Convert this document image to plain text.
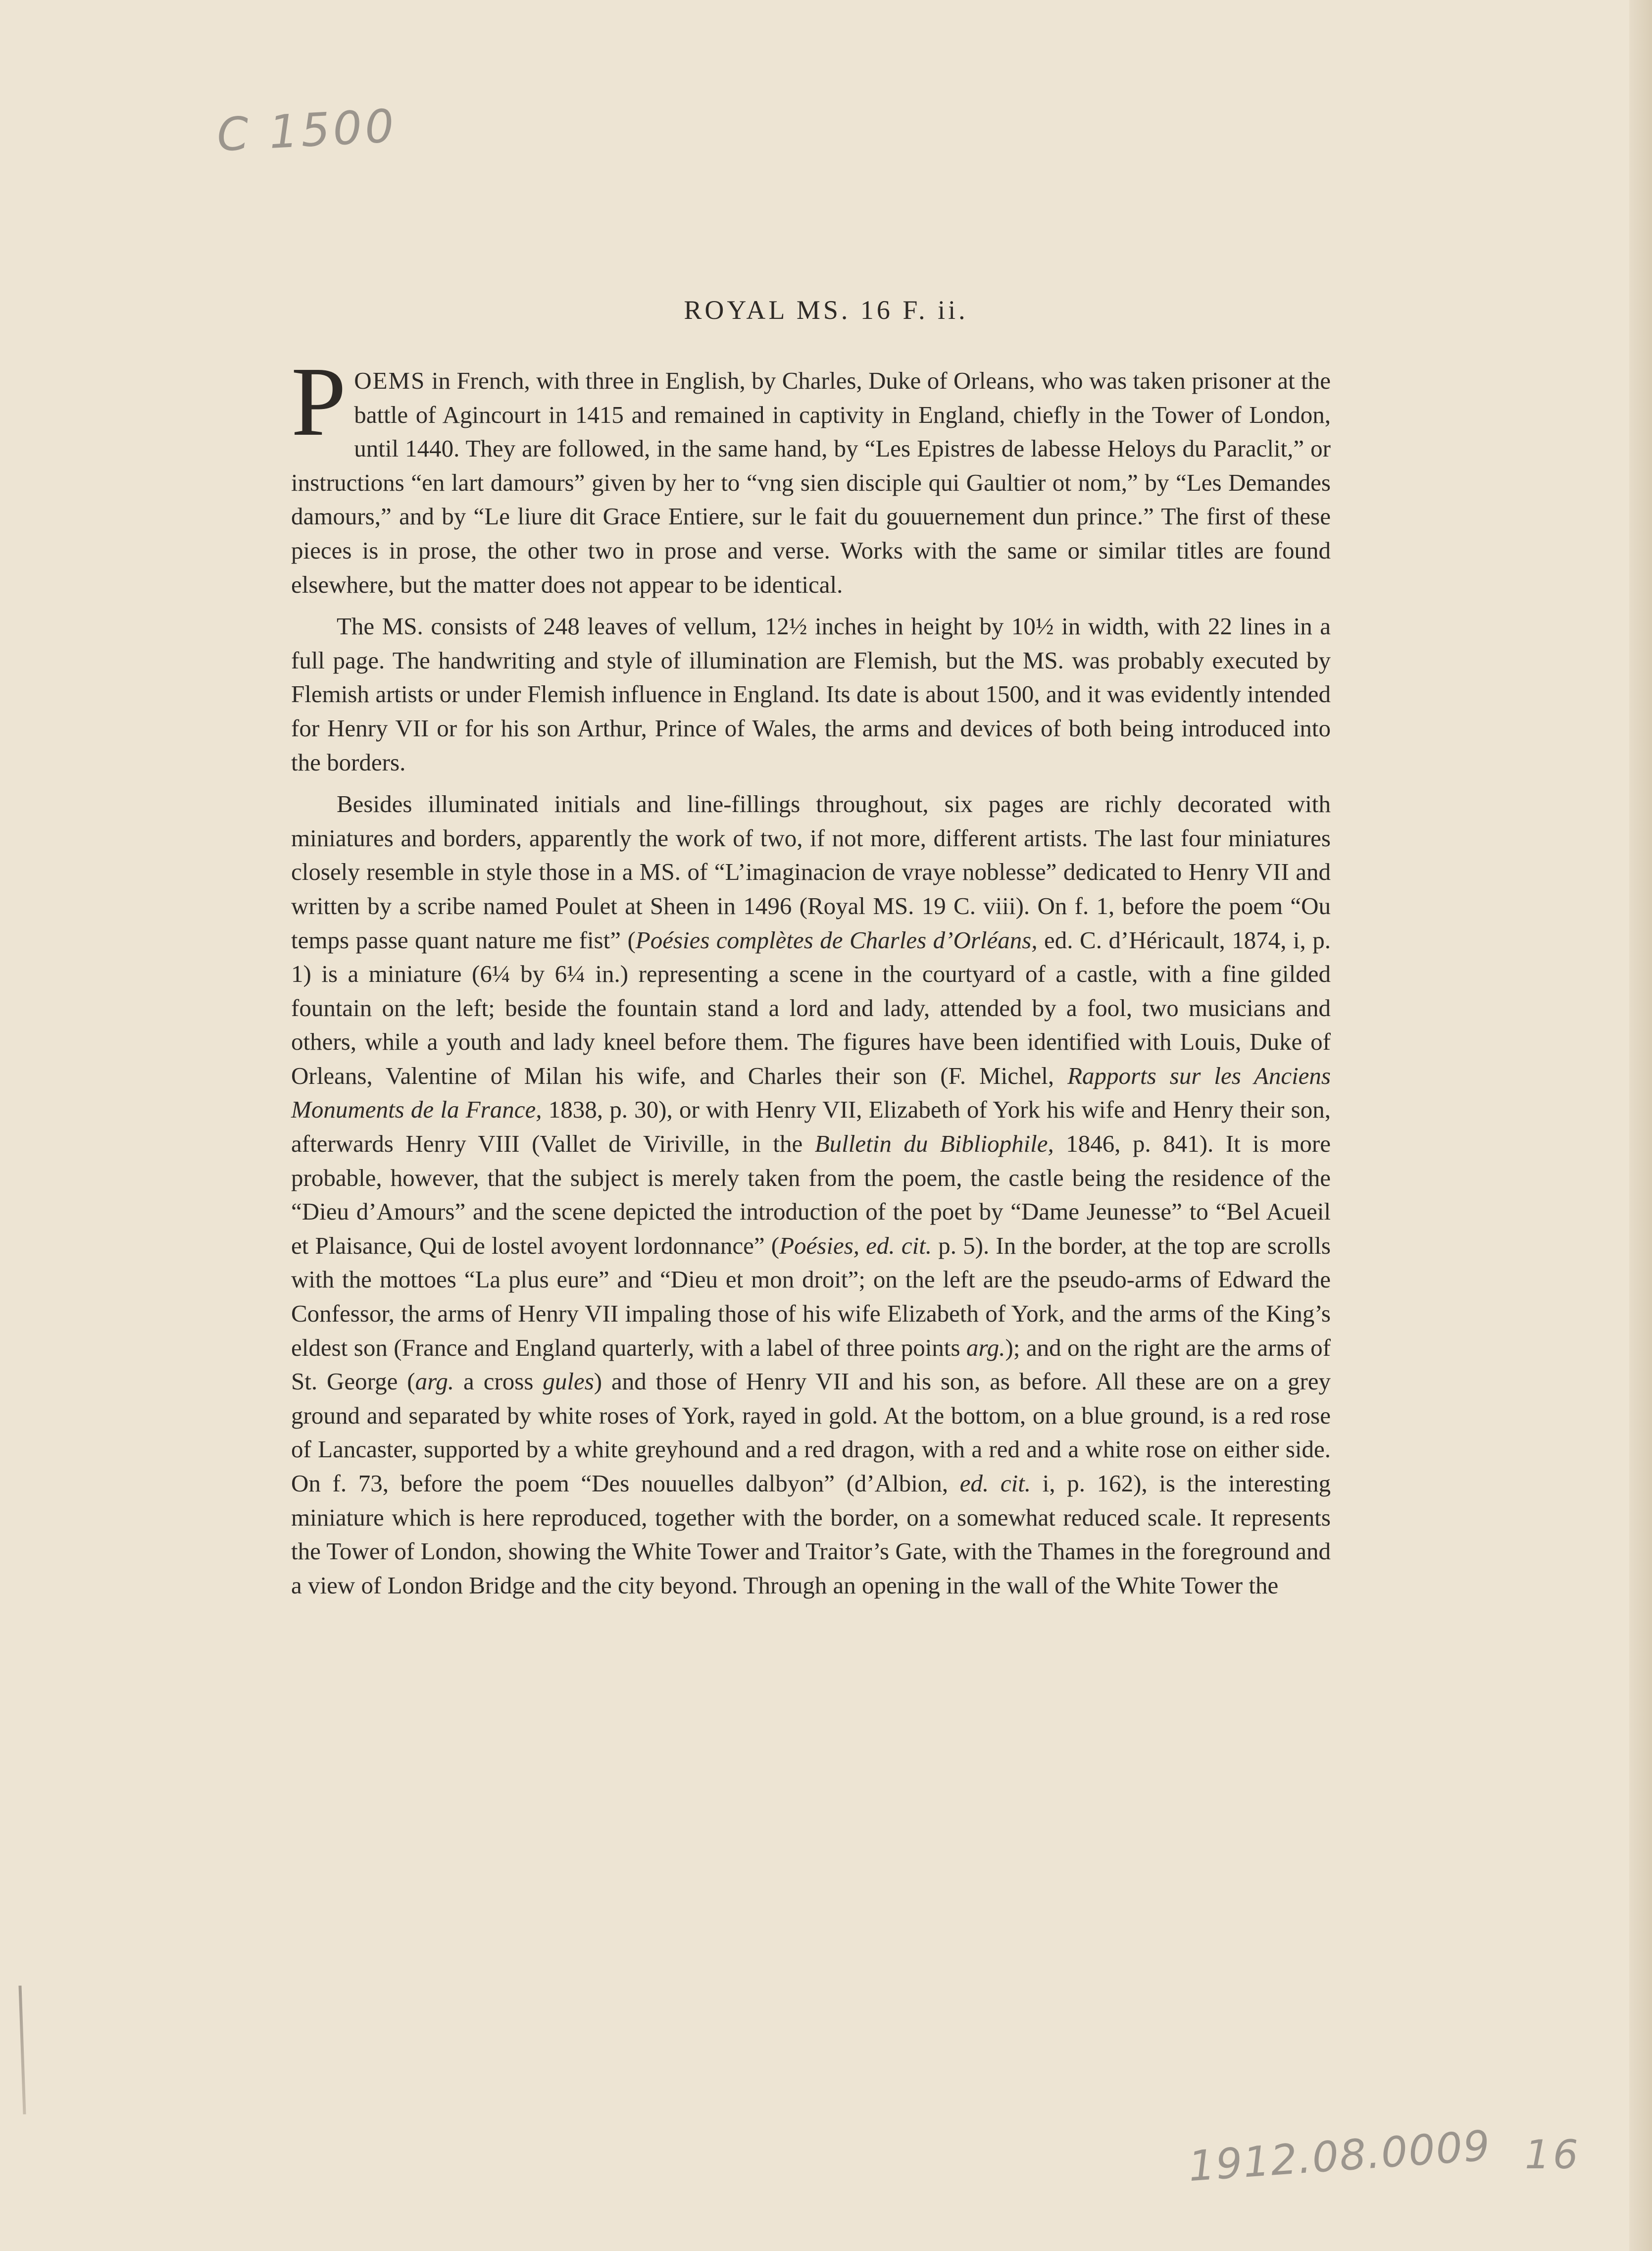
C 1500
ROYAL MS. 16 F. ii.

POEMS in French, with three in English, by Charles, Duke of Orleans, who was taken prisoner at the battle of Agincourt in 1415 and remained in captivity in England, chiefly in the Tower of London, until 1440. They are followed, in the same hand, by “Les Epistres de labesse Heloys du Paraclit,” or instructions “en lart damours” given by her to “vng sien disciple qui Gaultier ot nom,” by “Les Demandes damours,” and by “Le liure dit Grace Entiere, sur le fait du gouuernement dun prince.” The first of these pieces is in prose, the other two in prose and verse. Works with the same or similar titles are found elsewhere, but the matter does not appear to be identical.

The MS. consists of 248 leaves of vellum, 12½ inches in height by 10½ in width, with 22 lines in a full page. The handwriting and style of illumination are Flemish, but the MS. was probably executed by Flemish artists or under Flemish influence in England. Its date is about 1500, and it was evidently intended for Henry VII or for his son Arthur, Prince of Wales, the arms and devices of both being introduced into the borders.

Besides illuminated initials and line-fillings throughout, six pages are richly decorated with miniatures and borders, apparently the work of two, if not more, different artists. The last four miniatures closely resemble in style those in a MS. of “L’imaginacion de vraye noblesse” dedicated to Henry VII and written by a scribe named Poulet at Sheen in 1496 (Royal MS. 19 C. viii). On f. 1, before the poem “Ou temps passe quant nature me fist” (Poésies complètes de Charles d’Orléans, ed. C. d’Héricault, 1874, i, p. 1) is a miniature (6¼ by 6¼ in.) representing a scene in the courtyard of a castle, with a fine gilded fountain on the left; beside the fountain stand a lord and lady, attended by a fool, two musicians and others, while a youth and lady kneel before them. The figures have been identified with Louis, Duke of Orleans, Valentine of Milan his wife, and Charles their son (F. Michel, Rapports sur les Anciens Monuments de la France, 1838, p. 30), or with Henry VII, Elizabeth of York his wife and Henry their son, afterwards Henry VIII (Vallet de Viriville, in the Bulletin du Bibliophile, 1846, p. 841). It is more probable, however, that the subject is merely taken from the poem, the castle being the residence of the “Dieu d’Amours” and the scene depicted the introduction of the poet by “Dame Jeunesse” to “Bel Acueil et Plaisance, Qui de lostel avoyent lordonnance” (Poésies, ed. cit. p. 5). In the border, at the top are scrolls with the mottoes “La plus eure” and “Dieu et mon droit”; on the left are the pseudo-arms of Edward the Confessor, the arms of Henry VII impaling those of his wife Elizabeth of York, and the arms of the King’s eldest son (France and England quarterly, with a label of three points arg.); and on the right are the arms of St. George (arg. a cross gules) and those of Henry VII and his son, as before. All these are on a grey ground and separated by white roses of York, rayed in gold. At the bottom, on a blue ground, is a red rose of Lancaster, supported by a white greyhound and a red dragon, with a red and a white rose on either side. On f. 73, before the poem “Des nouuelles dalbyon” (d’Albion, ed. cit. i, p. 162), is the interesting miniature which is here reproduced, together with the border, on a somewhat reduced scale. It represents the Tower of London, showing the White Tower and Traitor’s Gate, with the Thames in the foreground and a view of London Bridge and the city beyond. Through an opening in the wall of the White Tower the

1912.08.0009 16
